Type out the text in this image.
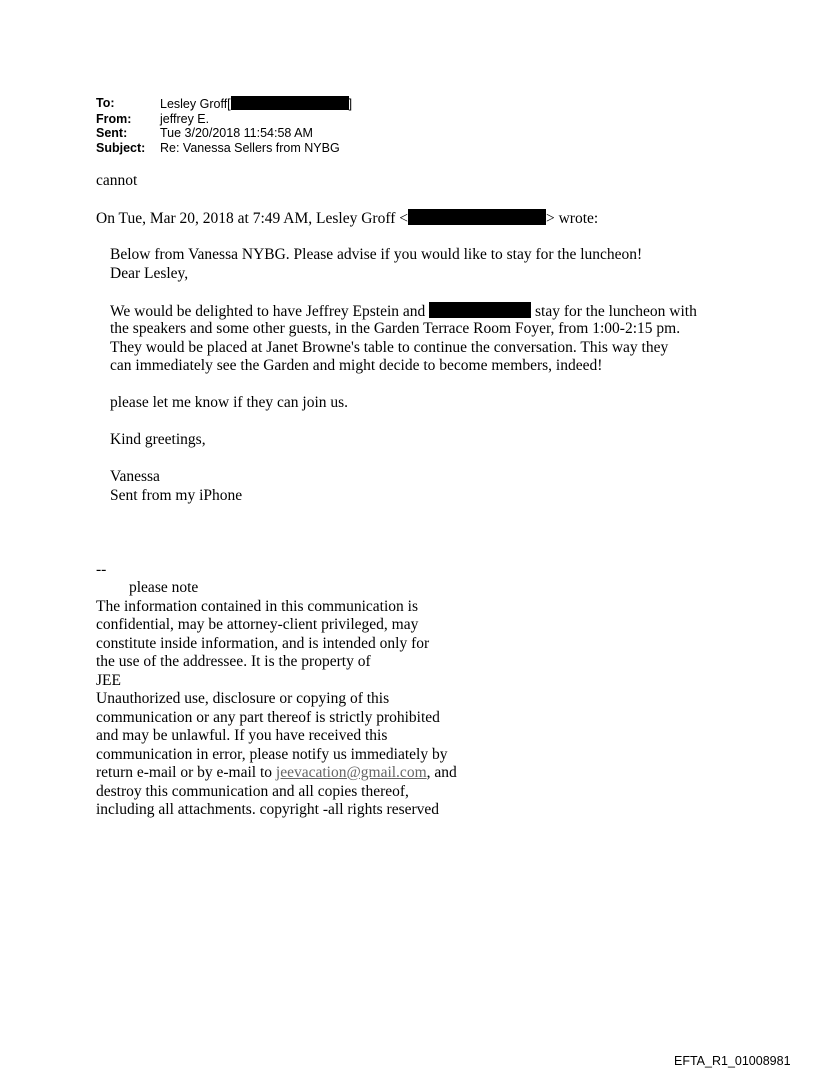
To:	Lesley Groff[	]
From:	jeffrey E.
Sent:	Tue 3/20/2018 11:54:58 AM
Subject:	Re: Vanessa Sellers from NYBG
cannot
On Tue, Mar 20, 2018 at 7:49 AM, Lesley Groff <	> wrote:
Below from Vanessa NYBG. Please advise if you would like to stay for the luncheon!
Dear Lesley,
We would be delighted to have Jeffrey Epstein and	stay for the luncheon with
the speakers and some other guests, in the Garden Terrace Room Foyer, from 1:00-2:15 pm.
They would be placed at Janet Browne's table to continue the conversation. This way they
can immediately see the Garden and might decide to become members, indeed!
please let me know if they can join us.
Kind greetings,
Vanessa
Sent from my iPhone
--
please note
The information contained in this communication is
confidential, may be attorney-client privileged, may
constitute inside information, and is intended only for
the use of the addressee. It is the property of
JEE
Unauthorized use, disclosure or copying of this
communication or any part thereof is strictly prohibited
and may be unlawful. If you have received this
communication in error, please notify us immediately by
return e-mail or by e-mail to jeevacation@gmail.com, and
destroy this communication and all copies thereof,
including all attachments. copyright -all rights reserved
EFTA_R1_01008981
